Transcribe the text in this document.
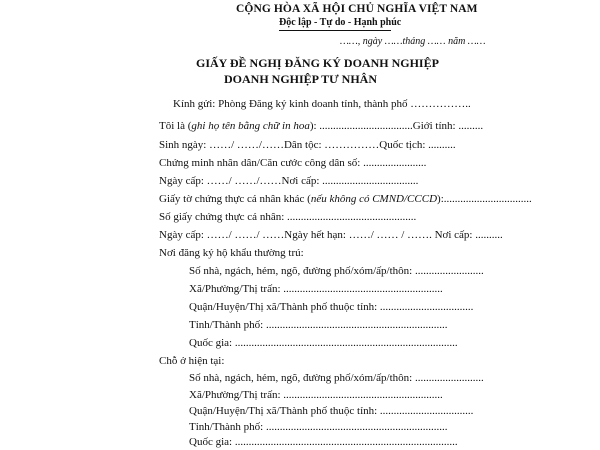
CỘNG HÒA XÃ HỘI CHỦ NGHĨA VIỆT NAM
Độc lập - Tự do - Hạnh phúc
……, ngày ……tháng …… năm ……
GIẤY ĐỀ NGHỊ ĐĂNG KÝ DOANH NGHIỆP
DOANH NGHIỆP TƯ NHÂN
Kính gửi: Phòng Đăng ký kinh doanh tỉnh, thành phố ……………..
Tôi là (ghi họ tên bằng chữ in hoa): ..................................Giới tính: .........
Sinh ngày: ……/ ……/……Dân tộc: ……………Quốc tịch: ..........
Chứng minh nhân dân/Căn cước công dân số: .......................
Ngày cấp: ……/ ……/……Nơi cấp: ...................................
Giấy tờ chứng thực cá nhân khác (nếu không có CMND/CCCD):................................
Số giấy chứng thực cá nhân: ...............................................
Ngày cấp: ……/ ……/ ……Ngày hết hạn: ……/ …… / ……. Nơi cấp: ..........
Nơi đăng ký hộ khẩu thường trú:
Số nhà, ngách, hẻm, ngõ, đường phố/xóm/ấp/thôn: .........................
Xã/Phường/Thị trấn: ..........................................................
Quận/Huyện/Thị xã/Thành phố thuộc tỉnh: ..................................
Tỉnh/Thành phố: ..................................................................
Quốc gia: .................................................................................
Chỗ ở hiện tại:
Số nhà, ngách, hẻm, ngõ, đường phố/xóm/ấp/thôn: .........................
Xã/Phường/Thị trấn: ..........................................................
Quận/Huyện/Thị xã/Thành phố thuộc tỉnh: ..................................
Tỉnh/Thành phố: ..................................................................
Quốc gia: .................................................................................
